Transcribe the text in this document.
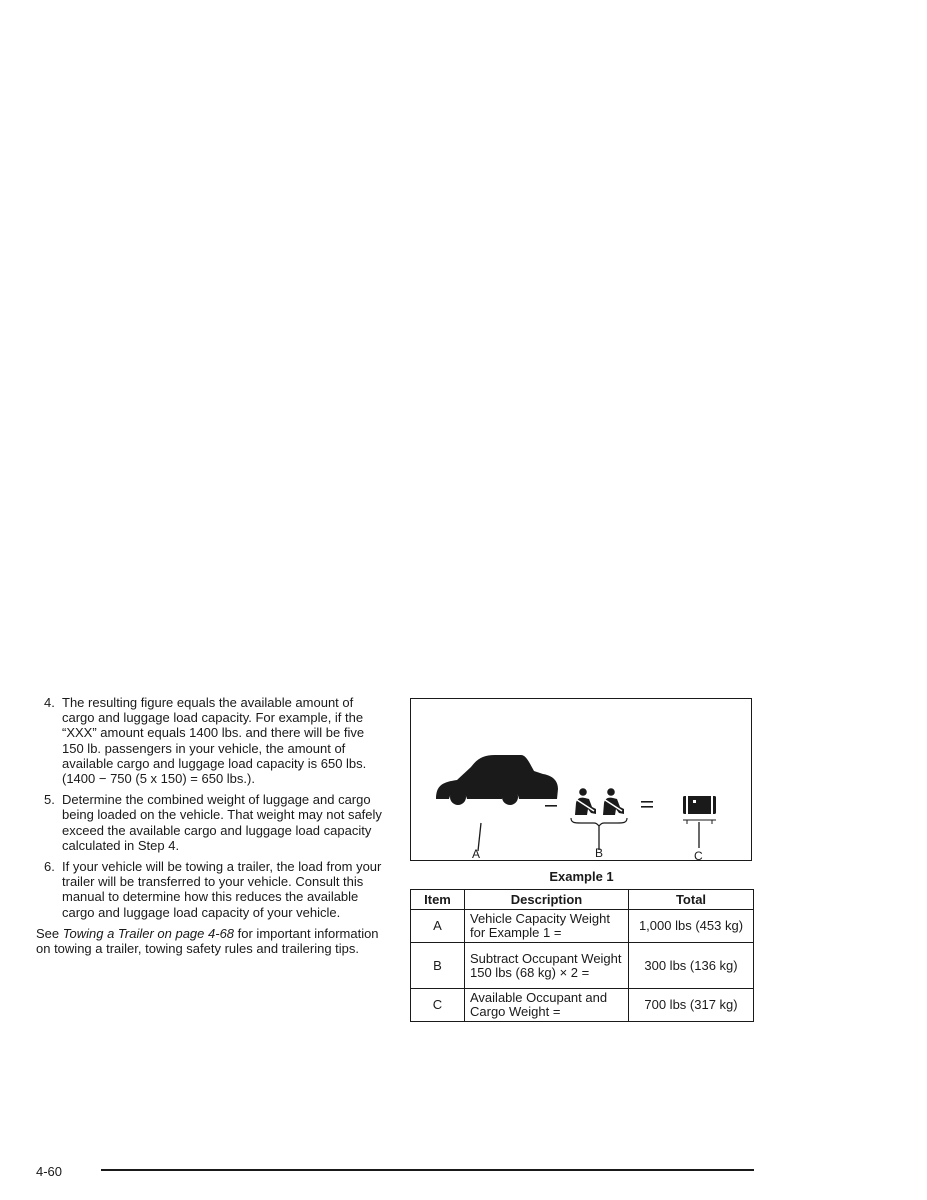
4. The resulting figure equals the available amount of cargo and luggage load capacity. For example, if the “XXX” amount equals 1400 lbs. and there will be five 150 lb. passengers in your vehicle, the amount of available cargo and luggage load capacity is 650 lbs. (1400 − 750 (5 x 150) = 650 lbs.).
5. Determine the combined weight of luggage and cargo being loaded on the vehicle. That weight may not safely exceed the available cargo and luggage load capacity calculated in Step 4.
6. If your vehicle will be towing a trailer, the load from your trailer will be transferred to your vehicle. Consult this manual to determine how this reduces the available cargo and luggage load capacity of your vehicle.
See Towing a Trailer on page 4-68 for important information on towing a trailer, towing safety rules and trailering tips.
A	B	C
Example 1
Item	Description	Total
A	Vehicle Capacity Weight for Example 1 =	1,000 lbs (453 kg)
B	Subtract Occupant Weight 150 lbs (68 kg) × 2 =	300 lbs (136 kg)
C	Available Occupant and Cargo Weight =	700 lbs (317 kg)
4-60
